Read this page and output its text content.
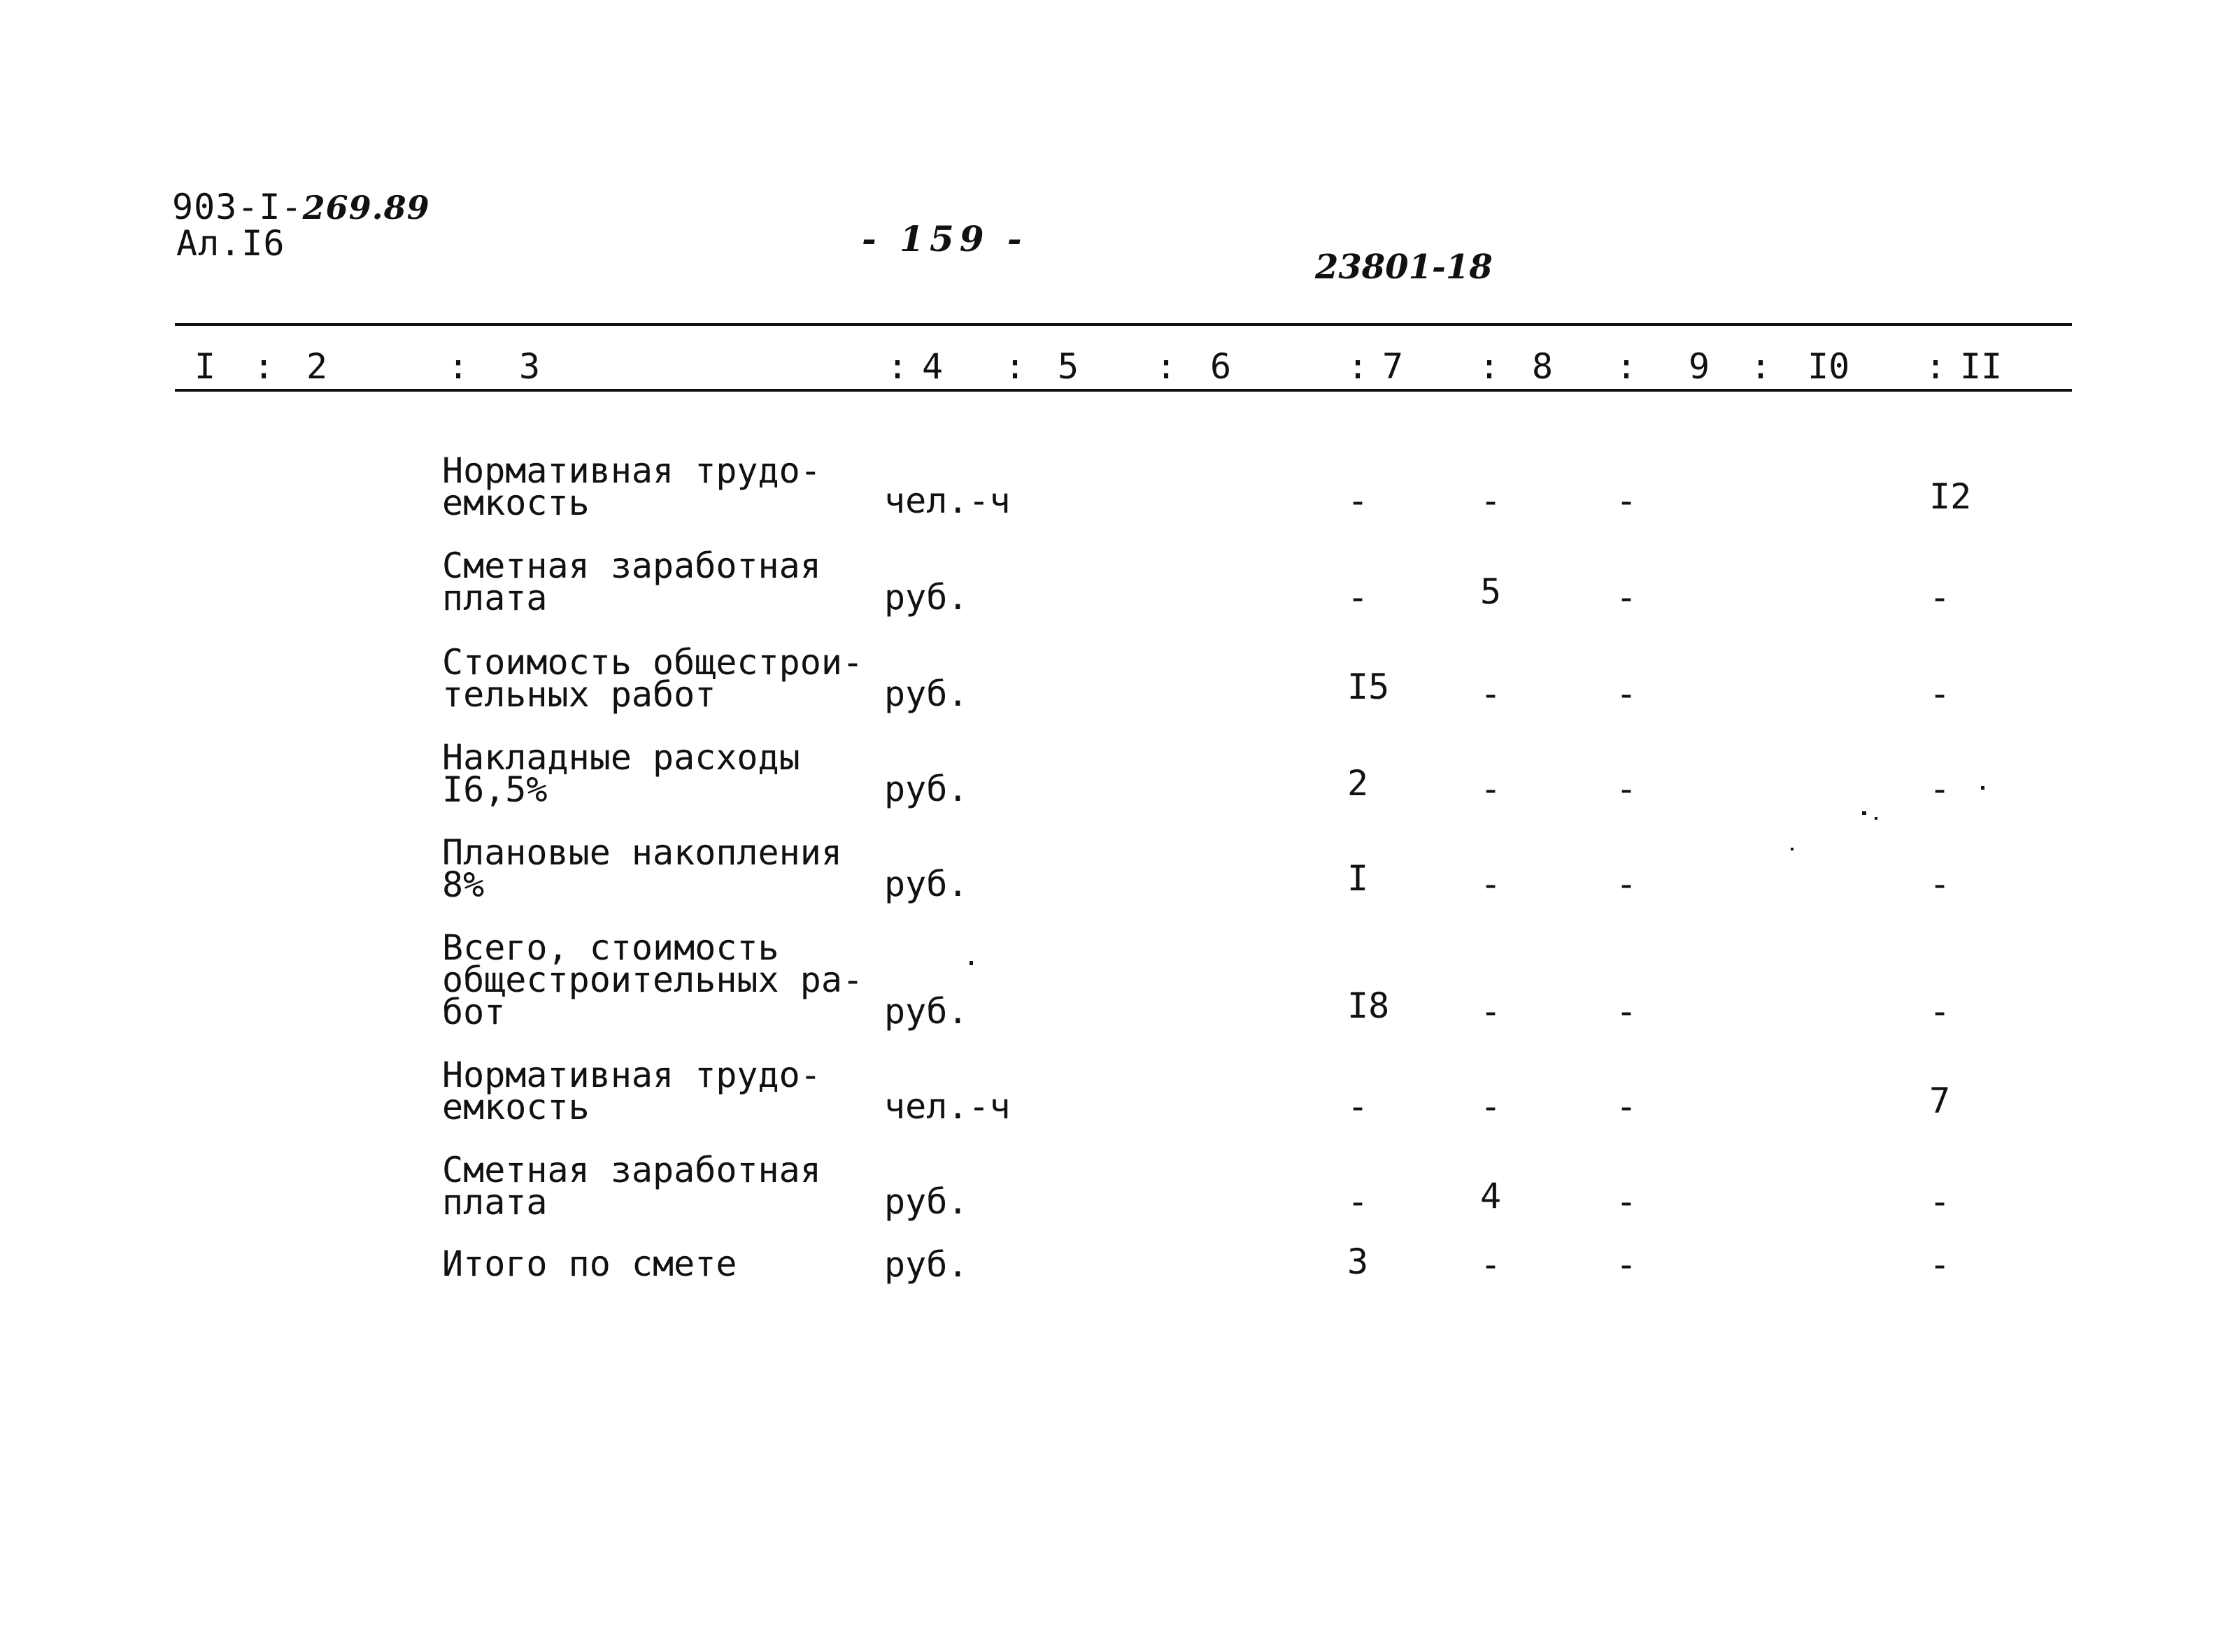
903-I-269.89
Ал.I6	- 159 -
23801-18
I : 2	: 3	: 4 : 5 : 6	: 7 : 8 : 9 : I0 : II
Нормативная трудо-
емкость	чел.-ч	-	-	-	I2
Сметная заработная
плата	руб.	-	5	-	-
Стоимость общестрои-
тельных работ	руб.	I5	-	-	-
Накладные расходы
I6,5%	руб.	2	-	-	-
Плановые накопления
8%	руб.	I	-	-	-
Всего, стоимость
общестроительных ра-
бот	руб.	I8	-	-	-
Нормативная трудо-
емкость	чел.-ч	-	-	-	7
Сметная заработная
плата	руб.	-	4	-	-
Итого по смете	руб.	3	-	-	-
